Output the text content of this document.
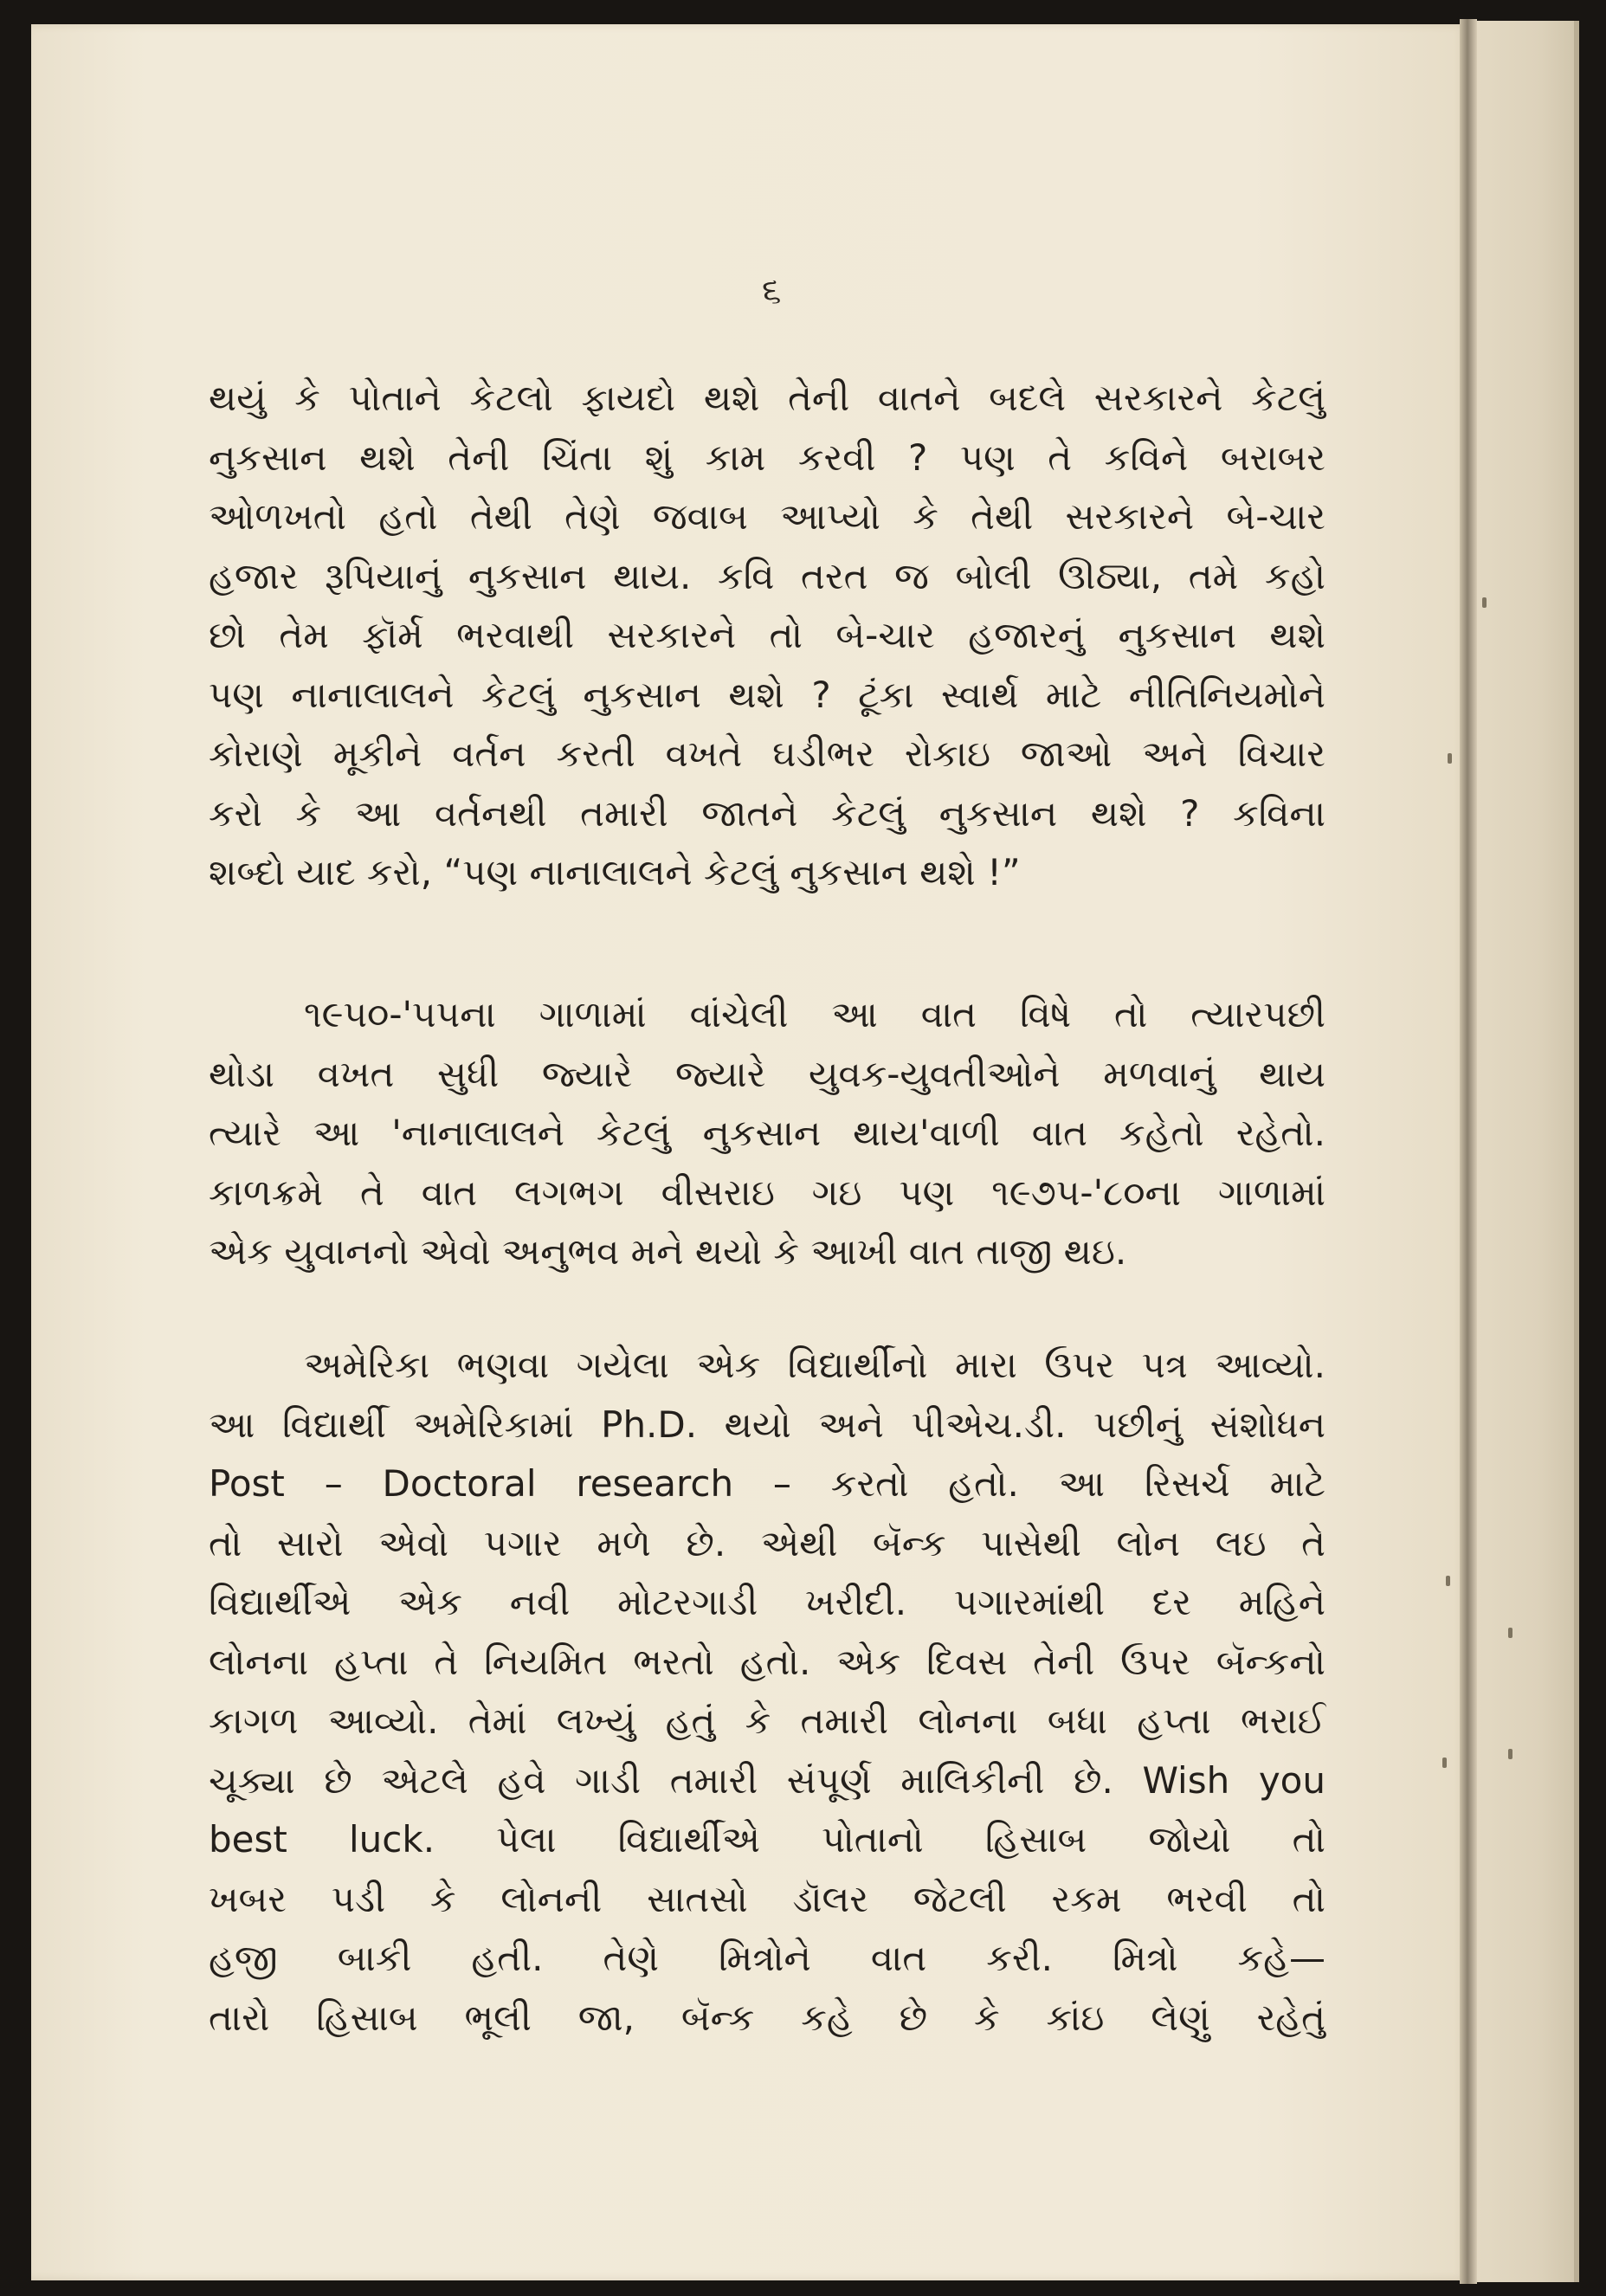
૬
થયું કે પોતાને કેટલો ફાયદો થશે તેની વાતને બદલે સરકારને કેટલું
નુકસાન થશે તેની ચિંતા શું કામ કરવી ? પણ તે કવિને બરાબર
ઓળખતો હતો તેથી તેણે જવાબ આપ્યો કે તેથી સરકારને બે-ચાર
હજાર રૂપિયાનું નુકસાન થાય. કવિ તરત જ બોલી ઊઠ્યા, તમે કહો
છો તેમ ફૉર્મ ભરવાથી સરકારને તો બે-ચાર હજારનું નુકસાન થશે
પણ નાનાલાલને કેટલું નુકસાન થશે ? ટૂંકા સ્વાર્થ માટે નીતિનિયમોને
કોરાણે મૂકીને વર્તન કરતી વખતે ઘડીભર રોકાઇ જાઓ અને વિચાર
કરો કે આ વર્તનથી તમારી જાતને કેટલું નુકસાન થશે ? કવિના
શબ્દો યાદ કરો, “પણ નાનાલાલને કેટલું નુકસાન થશે !”
૧૯૫૦-'૫૫ના ગાળામાં વાંચેલી આ વાત વિષે તો ત્યારપછી
થોડા વખત સુધી જ્યારે જ્યારે યુવક-યુવતીઓને મળવાનું થાય
ત્યારે આ 'નાનાલાલને કેટલું નુકસાન થાય'વાળી વાત કહેતો રહેતો.
કાળક્રમે તે વાત લગભગ વીસરાઇ ગઇ પણ ૧૯૭૫-'૮૦ના ગાળામાં
એક યુવાનનો એવો અનુભવ મને થયો કે આખી વાત તાજી થઇ.
અમેરિકા ભણવા ગયેલા એક વિદ્યાર્થીનો મારા ઉપર પત્ર આવ્યો.
આ વિદ્યાર્થી અમેરિકામાં Ph.D. થયો અને પીએચ.ડી. પછીનું સંશોધન
Post – Doctoral research – કરતો હતો. આ રિસર્ચ માટે
તો સારો એવો પગાર મળે છે. એથી બૅન્ક પાસેથી લોન લઇ તે
વિદ્યાર્થીએ એક નવી મોટરગાડી ખરીદી. પગારમાંથી દર મહિને
લોનના હપ્તા તે નિયમિત ભરતો હતો. એક દિવસ તેની ઉપર બૅન્કનો
કાગળ આવ્યો. તેમાં લખ્યું હતું કે તમારી લોનના બધા હપ્તા ભરાઈ
ચૂક્યા છે એટલે હવે ગાડી તમારી સંપૂર્ણ માલિકીની છે. Wish you
best luck. પેલા વિદ્યાર્થીએ પોતાનો હિસાબ જોયો તો
ખબર પડી કે લોનની સાતસો ડૉલર જેટલી રકમ ભરવી તો
હજી બાકી હતી. તેણે મિત્રોને વાત કરી. મિત્રો કહે—
તારો હિસાબ ભૂલી જા, બૅન્ક કહે છે કે કાંઇ લેણું રહેતું
